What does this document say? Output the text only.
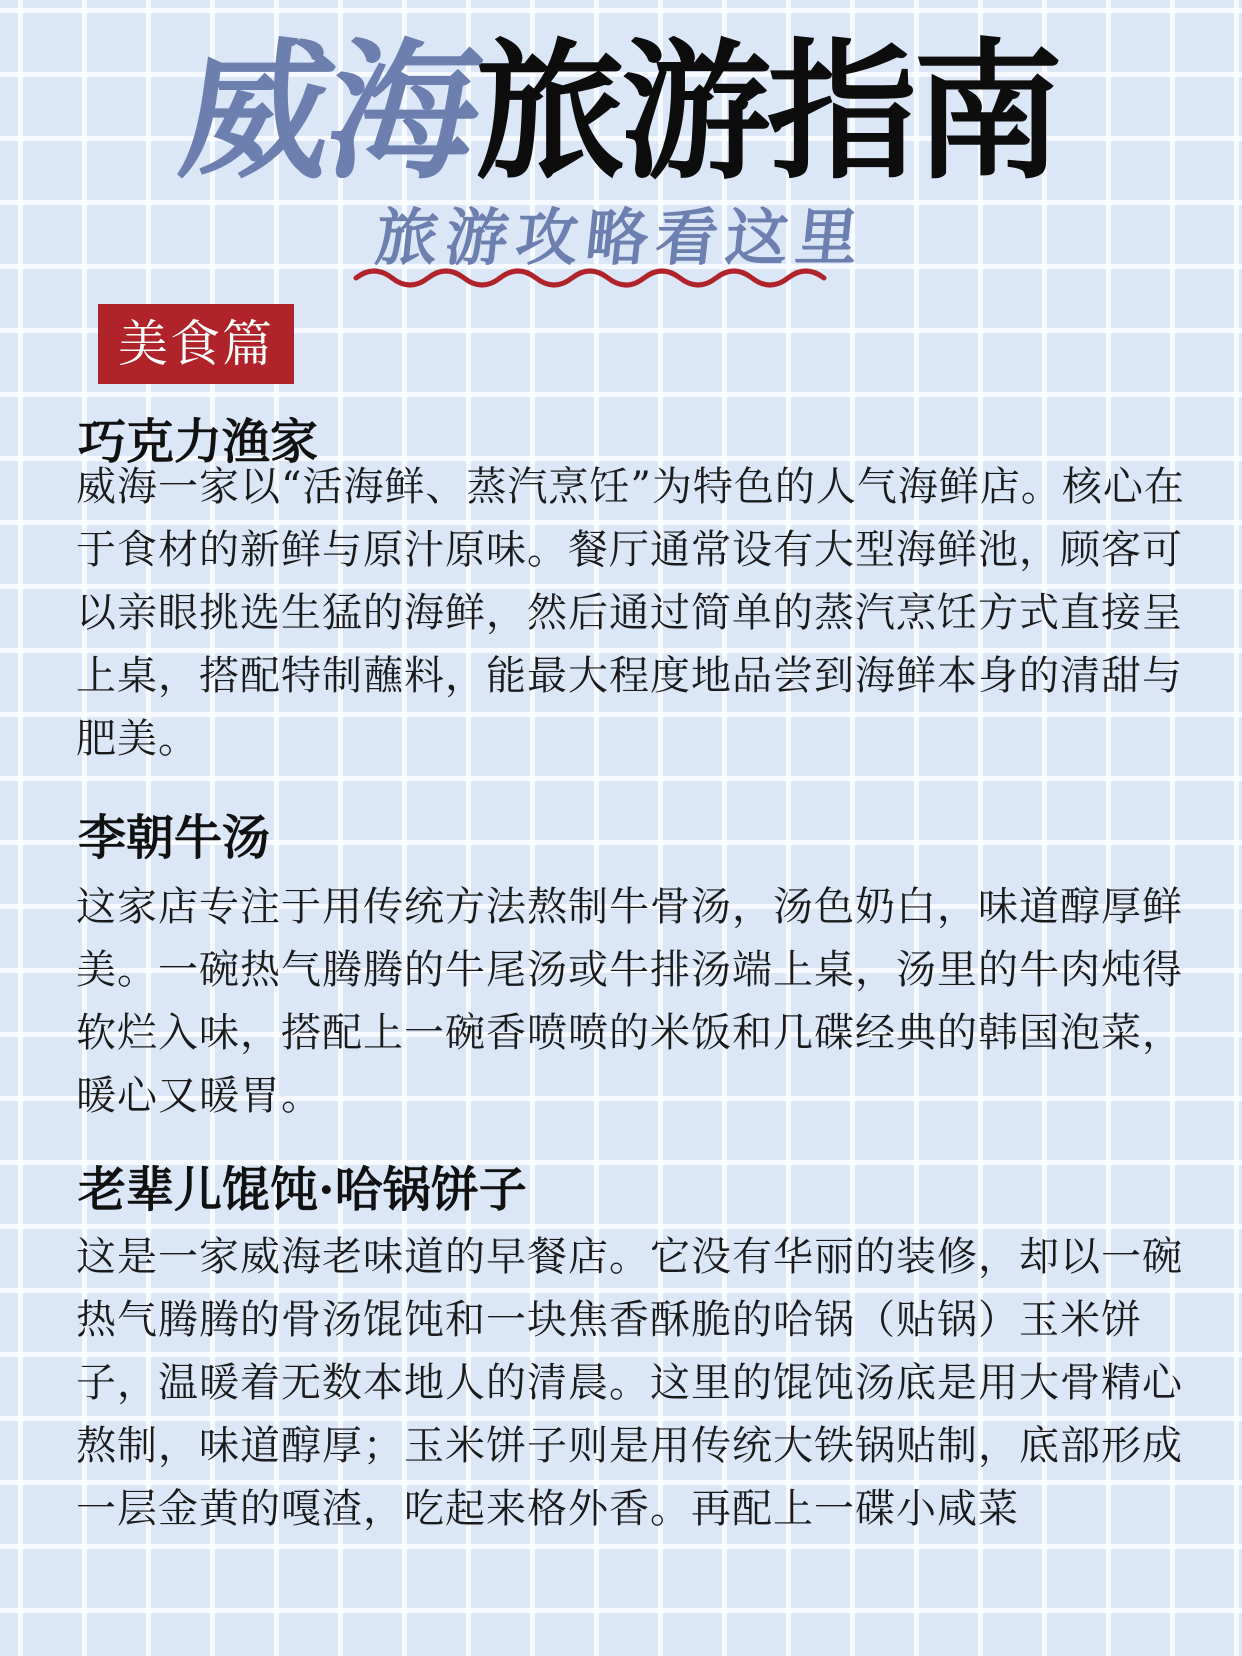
威海旅游指南
旅游攻略看这里
美食篇
巧克力渔家
威海一家以“活海鲜、蒸汽烹饪”为特色的人气海鲜店。核心在于食材的新鲜与原汁原味。餐厅通常设有大型海鲜池，顾客可以亲眼挑选生猛的海鲜，然后通过简单的蒸汽烹饪方式直接呈上桌，搭配特制蘸料，能最大程度地品尝到海鲜本身的清甜与肥美。
李朝牛汤
这家店专注于用传统方法熬制牛骨汤，汤色奶白，味道醇厚鲜美。一碗热气腾腾的牛尾汤或牛排汤端上桌，汤里的牛肉炖得软烂入味，搭配上一碗香喷喷的米饭和几碟经典的韩国泡菜，暖心又暖胃。
老辈儿馄饨·哈锅饼子
这是一家威海老味道的早餐店。它没有华丽的装修，却以一碗热气腾腾的骨汤馄饨和一块焦香酥脆的哈锅（贴锅）玉米饼子，温暖着无数本地人的清晨。这里的馄饨汤底是用大骨精心熬制，味道醇厚；玉米饼子则是用传统大铁锅贴制，底部形成一层金黄的嘎渣，吃起来格外香。再配上一碟小咸菜
